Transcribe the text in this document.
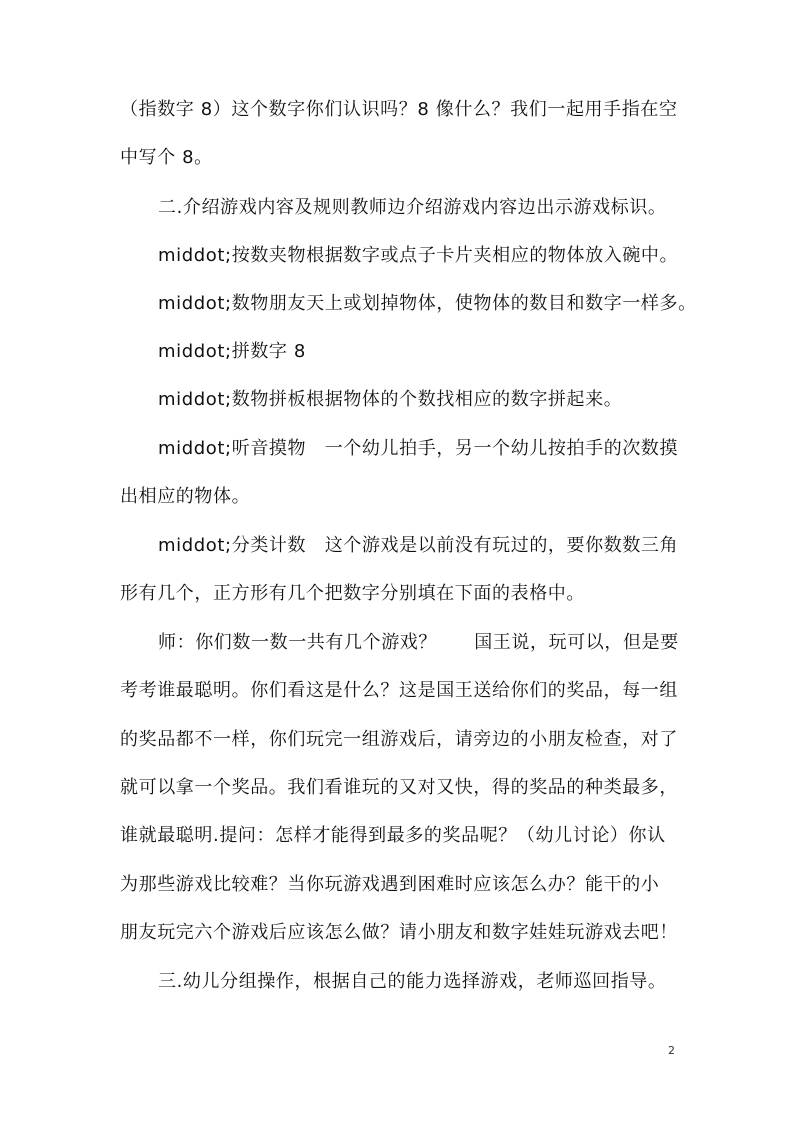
（指数字 8）这个数字你们认识吗？8 像什么？我们一起用手指在空
中写个 8。
二.介绍游戏内容及规则教师边介绍游戏内容边出示游戏标识。
middot;按数夹物根据数字或点子卡片夹相应的物体放入碗中。
middot;数物朋友天上或划掉物体，使物体的数目和数字一样多。
middot;拼数字 8
middot;数物拼板根据物体的个数找相应的数字拼起来。
middot;听音摸物　一个幼儿拍手，另一个幼儿按拍手的次数摸
出相应的物体。
middot;分类计数　这个游戏是以前没有玩过的，要你数数三角
形有几个，正方形有几个把数字分别填在下面的表格中。
师：你们数一数一共有几个游戏？　　国王说，玩可以，但是要
考考谁最聪明。你们看这是什么？这是国王送给你们的奖品，每一组
的奖品都不一样，你们玩完一组游戏后，请旁边的小朋友检查，对了
就可以拿一个奖品。我们看谁玩的又对又快，得的奖品的种类最多，
谁就最聪明.提问：怎样才能得到最多的奖品呢？（幼儿讨论）你认
为那些游戏比较难？当你玩游戏遇到困难时应该怎么办？能干的小
朋友玩完六个游戏后应该怎么做？请小朋友和数字娃娃玩游戏去吧！
三.幼儿分组操作，根据自己的能力选择游戏，老师巡回指导。
2
